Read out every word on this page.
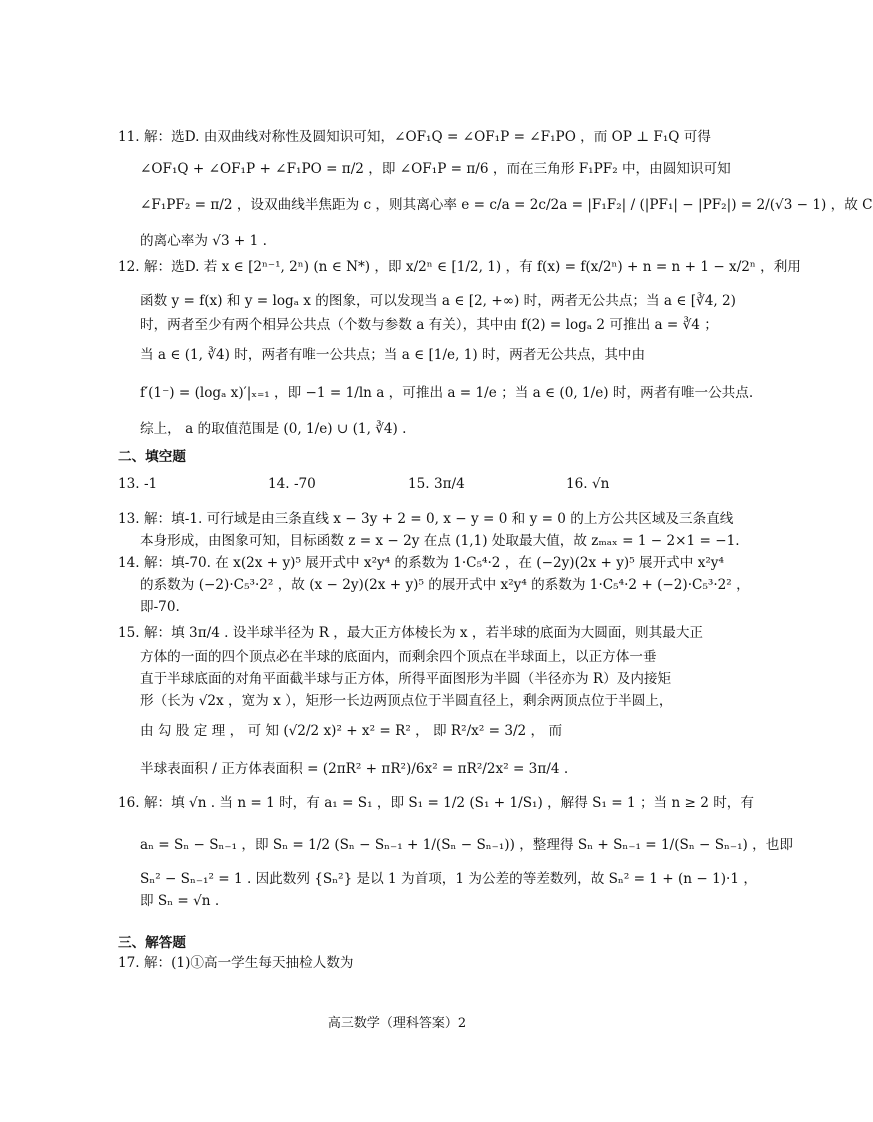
11. 解：选D. 由双曲线对称性及圆知识可知，∠OF₁Q = ∠OF₁P = ∠F₁PO ，而 OP ⊥ F₁Q 可得
∠OF₁Q + ∠OF₁P + ∠F₁PO = π/2 ，即 ∠OF₁P = π/6 ，而在三角形 F₁PF₂ 中，由圆知识可知
∠F₁PF₂ = π/2 ，设双曲线半焦距为 c ，则其离心率 e = c/a = 2c/2a = |F₁F₂| / (|PF₁| − |PF₂|) = 2/(√3 − 1) ，故 C
的离心率为 √3 + 1 .
12. 解：选D. 若 x ∈ [2ⁿ⁻¹, 2ⁿ) (n ∈ N*) ，即 x/2ⁿ ∈ [1/2, 1) ，有 f(x) = f(x/2ⁿ) + n = n + 1 − x/2ⁿ ，利用
函数 y = f(x) 和 y = logₐ x 的图象，可以发现当 a ∈ [2, +∞) 时，两者无公共点；当 a ∈ [∛4, 2)
时，两者至少有两个相异公共点（个数与参数 a 有关），其中由 f(2) = logₐ 2 可推出 a = ∛4 ；
当 a ∈ (1, ∛4) 时，两者有唯一公共点；当 a ∈ [1/e, 1) 时，两者无公共点，其中由
f′(1⁻) = (logₐ x)′|ₓ₌₁ ，即 −1 = 1/ln a ，可推出 a = 1/e ；当 a ∈ (0, 1/e) 时，两者有唯一公共点.
综上， a 的取值范围是 (0, 1/e) ∪ (1, ∛4) .
二、填空题
13. -1	14. -70	15. 3π/4	16. √n
13. 解：填-1. 可行域是由三条直线 x − 3y + 2 = 0, x − y = 0 和 y = 0 的上方公共区域及三条直线
本身形成，由图象可知，目标函数 z = x − 2y 在点 (1,1) 处取最大值，故 zₘₐₓ = 1 − 2×1 = −1.
14. 解：填-70. 在 x(2x + y)⁵ 展开式中 x²y⁴ 的系数为 1·C₅⁴·2 ，在 (−2y)(2x + y)⁵ 展开式中 x²y⁴
的系数为 (−2)·C₅³·2² ，故 (x − 2y)(2x + y)⁵ 的展开式中 x²y⁴ 的系数为 1·C₅⁴·2 + (−2)·C₅³·2² ，
即-70.
15. 解：填 3π/4 . 设半球半径为 R ，最大正方体棱长为 x ，若半球的底面为大圆面，则其最大正
方体的一面的四个顶点必在半球的底面内，而剩余四个顶点在半球面上，以正方体一垂
直于半球底面的对角平面截半球与正方体，所得平面图形为半圆（半径亦为 R）及内接矩
形（长为 √2x ，宽为 x ），矩形一长边两顶点位于半圆直径上，剩余两顶点位于半圆上，
由 勾 股 定 理 ， 可 知 (√2/2 x)² + x² = R² ， 即 R²/x² = 3/2 ， 而
半球表面积 / 正方体表面积 = (2πR² + πR²)/6x² = πR²/2x² = 3π/4 .
16. 解：填 √n . 当 n = 1 时，有 a₁ = S₁ ，即 S₁ = 1/2 (S₁ + 1/S₁) ，解得 S₁ = 1 ；当 n ≥ 2 时，有
aₙ = Sₙ − Sₙ₋₁ ，即 Sₙ = 1/2 (Sₙ − Sₙ₋₁ + 1/(Sₙ − Sₙ₋₁)) ，整理得 Sₙ + Sₙ₋₁ = 1/(Sₙ − Sₙ₋₁) ，也即
Sₙ² − Sₙ₋₁² = 1 . 因此数列 {Sₙ²} 是以 1 为首项，1 为公差的等差数列，故 Sₙ² = 1 + (n − 1)·1 ，
即 Sₙ = √n .
三、解答题
17. 解：(1)①高一学生每天抽检人数为
高三数学（理科答案）2
